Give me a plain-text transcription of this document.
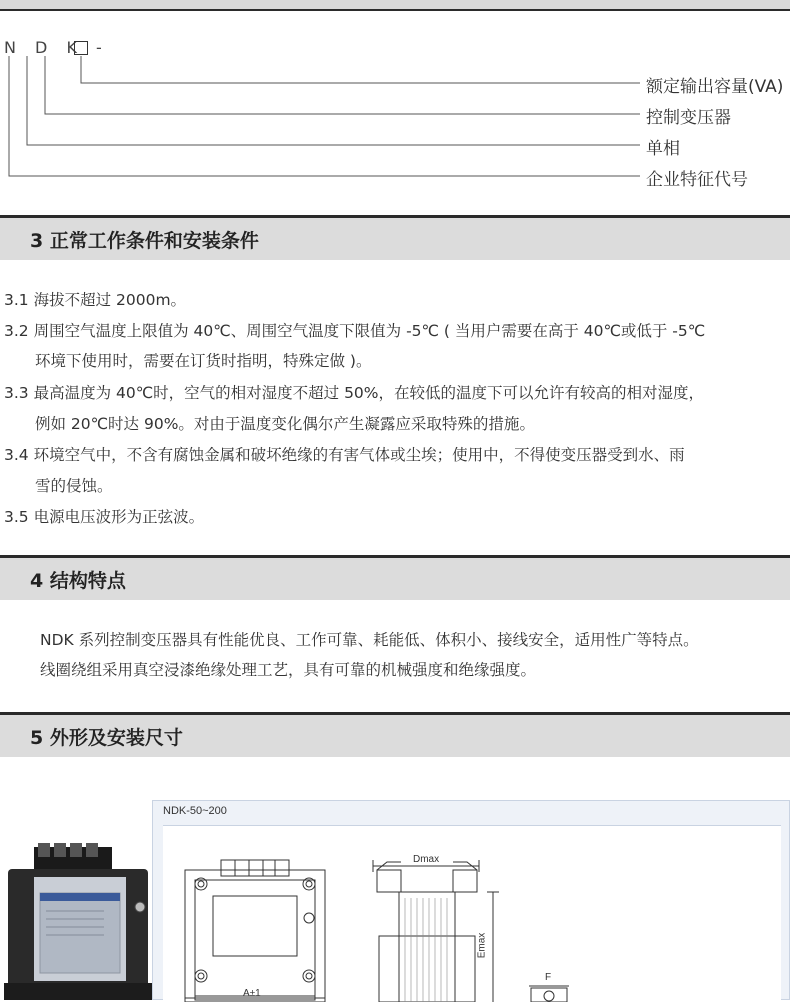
N D K -
额定输出容量(VA)
控制变压器
单相
企业特征代号
3 正常工作条件和安装条件
3.1 海拔不超过 2000m。
3.2 周围空气温度上限值为 40℃、周围空气温度下限值为 -5℃ ( 当用户需要在高于 40℃或低于 -5℃
环境下使用时，需要在订货时指明，特殊定做 )。
3.3 最高温度为 40℃时，空气的相对湿度不超过 50%，在较低的温度下可以允许有较高的相对湿度，
例如 20℃时达 90%。对由于温度变化偶尔产生凝露应采取特殊的措施。
3.4 环境空气中，不含有腐蚀金属和破坏绝缘的有害气体或尘埃；使用中，不得使变压器受到水、雨
雪的侵蚀。
3.5 电源电压波形为正弦波。
4 结构特点
NDK 系列控制变压器具有性能优良、工作可靠、耗能低、体积小、接线安全，适用性广等特点。
线圈绕组采用真空浸漆绝缘处理工艺，具有可靠的机械强度和绝缘强度。
5 外形及安装尺寸
NDK-50~200
Dmax
Emax
A±1
F
